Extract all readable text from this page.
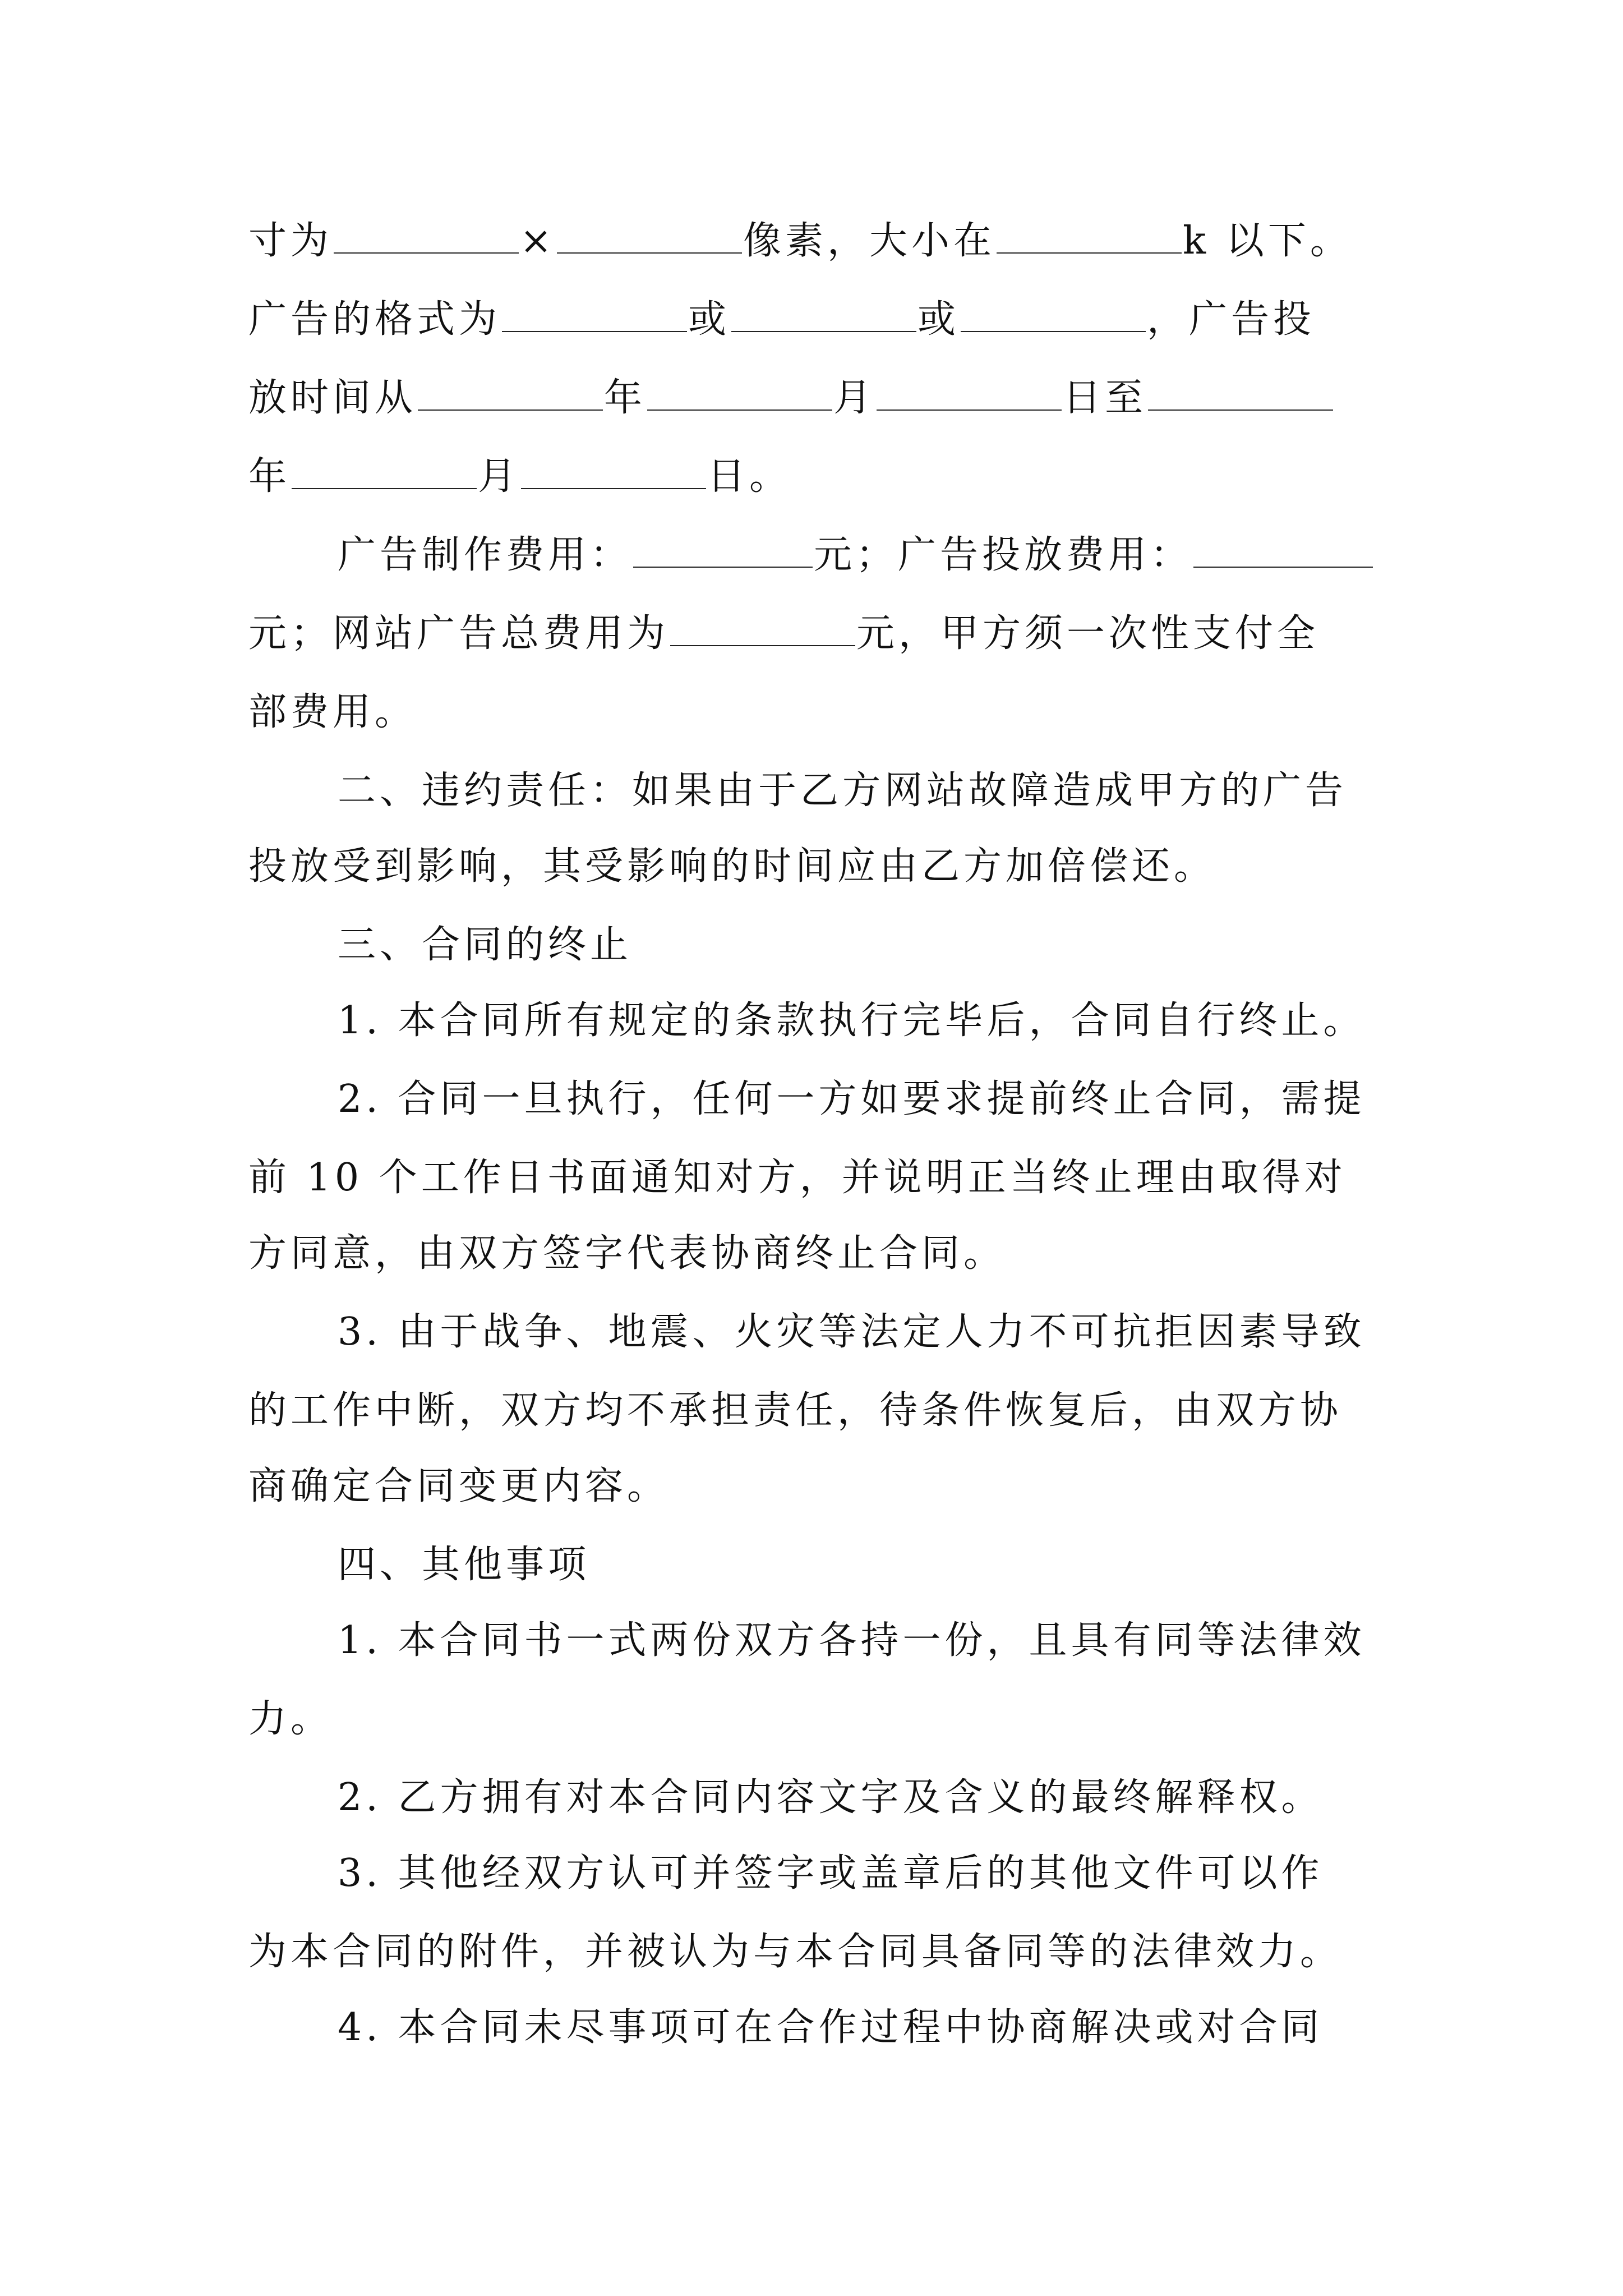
寸为	×	像素，大小在	k 以下。
广告的格式为	或	或	，广告投
放时间从	年	月	日至
年	月	日。
广告制作费用：	元；广告投放费用：
元；网站广告总费用为	元，甲方须一次性支付全
部费用。
二、违约责任：如果由于乙方网站故障造成甲方的广告
投放受到影响，其受影响的时间应由乙方加倍偿还。
三、合同的终止
1. 本合同所有规定的条款执行完毕后，合同自行终止。
2. 合同一旦执行，任何一方如要求提前终止合同，需提
前 10 个工作日书面通知对方，并说明正当终止理由取得对
方同意，由双方签字代表协商终止合同。
3. 由于战争、地震、火灾等法定人力不可抗拒因素导致
的工作中断，双方均不承担责任，待条件恢复后，由双方协
商确定合同变更内容。
四、其他事项
1. 本合同书一式两份双方各持一份，且具有同等法律效
力。
2. 乙方拥有对本合同内容文字及含义的最终解释权。
3. 其他经双方认可并签字或盖章后的其他文件可以作
为本合同的附件，并被认为与本合同具备同等的法律效力。
4. 本合同未尽事项可在合作过程中协商解决或对合同
